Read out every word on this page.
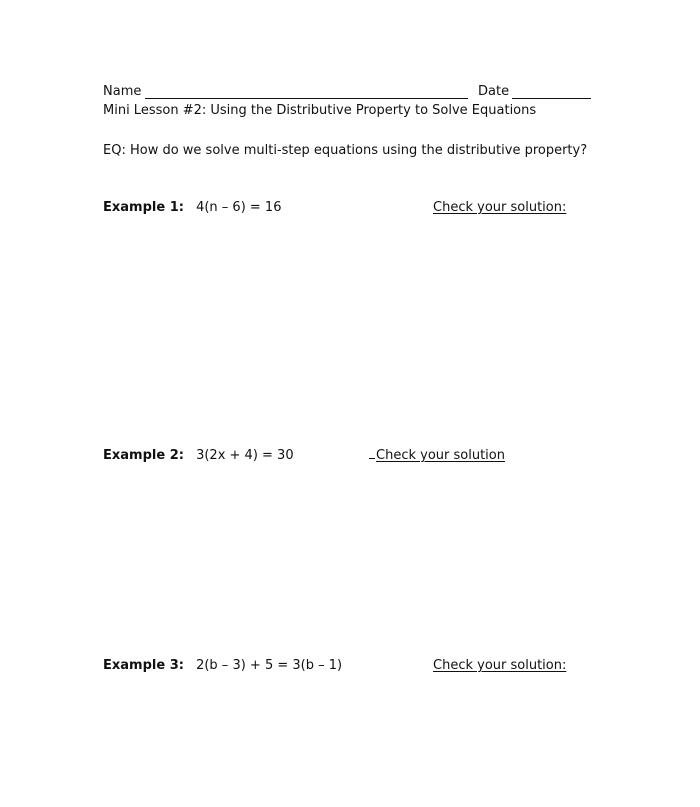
Name	Date
Mini Lesson #2: Using the Distributive Property to Solve Equations
EQ: How do we solve multi-step equations using the distributive property?
Example 1: 4(n – 6) = 16	Check your solution:
Example 2: 3(2x + 4) = 30	Check your solution
Example 3: 2(b – 3) + 5 = 3(b – 1)	Check your solution:
